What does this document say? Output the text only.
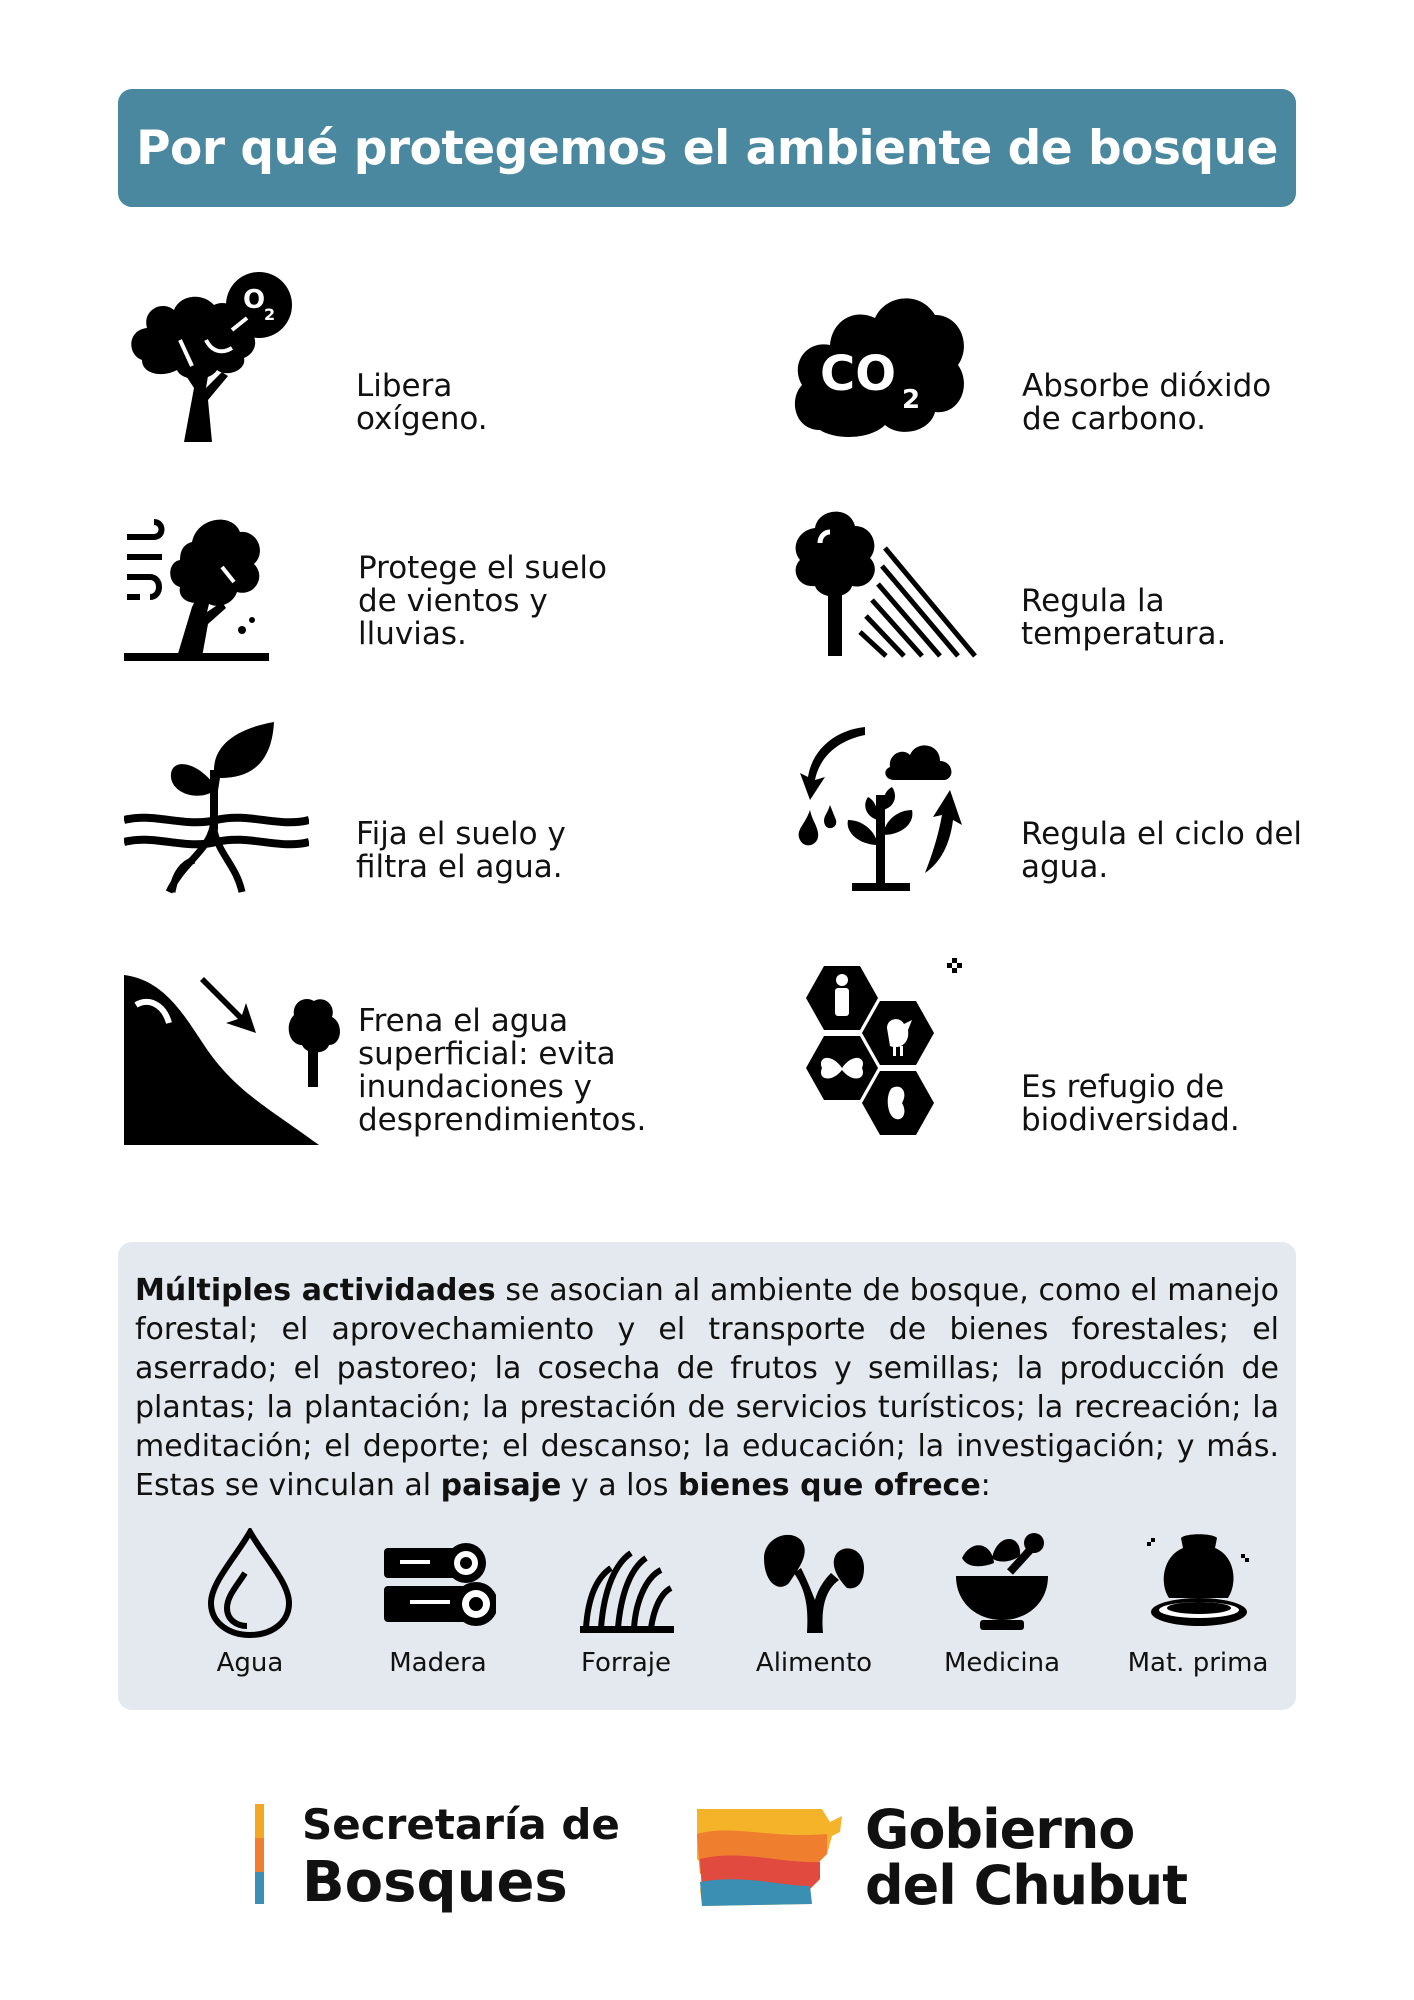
Por qué protegemos el ambiente de bosque
O
2
Libera
oxígeno.
CO 2	Absorbe dióxido
de carbono.
Protege el suelo
de vientos y
lluvias.
Regula la
temperatura.
Fija el suelo y
filtra el agua.
Regula el ciclo del
agua.
Frena el agua
superficial: evita
inundaciones y
desprendimientos.
Es refugio de
biodiversidad.
Múltiples actividades se asocian al ambiente de bosque, como el manejo forestal; el aprovechamiento y el transporte de bienes forestales; el aserrado; el pastoreo; la cosecha de frutos y semillas; la producción de plantas; la plantación; la prestación de servicios turísticos; la recreación; la meditación; el deporte; el descanso; la educación; la investigación; y más. Estas se vinculan al paisaje y a los bienes que ofrece:
Agua	Madera	Forraje	Alimento	Medicina	Mat. prima
Secretaría de
Bosques
Gobierno
del Chubut
